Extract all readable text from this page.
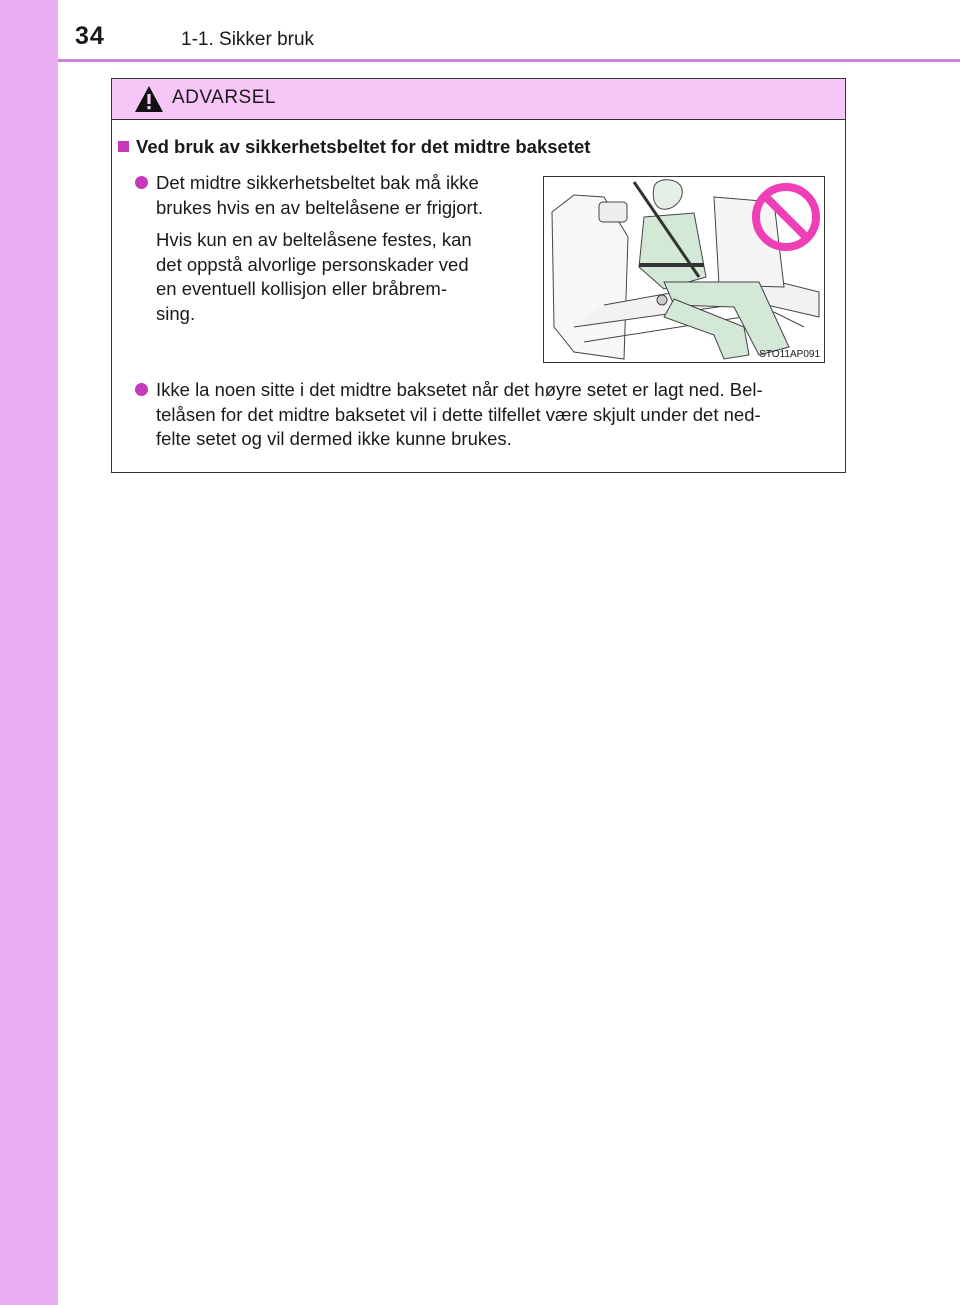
34	1-1. Sikker bruk
ADVARSEL
Ved bruk av sikkerhetsbeltet for det midtre baksetet
Det midtre sikkerhetsbeltet bak må ikke
brukes hvis en av beltelåsene er frigjort.
Hvis kun en av beltelåsene festes, kan
det oppstå alvorlige personskader ved
en eventuell kollisjon eller bråbrem-
sing.
STO11AP091
Ikke la noen sitte i det midtre baksetet når det høyre setet er lagt ned. Bel-
telåsen for det midtre baksetet vil i dette tilfellet være skjult under det ned-
felte setet og vil dermed ikke kunne brukes.
